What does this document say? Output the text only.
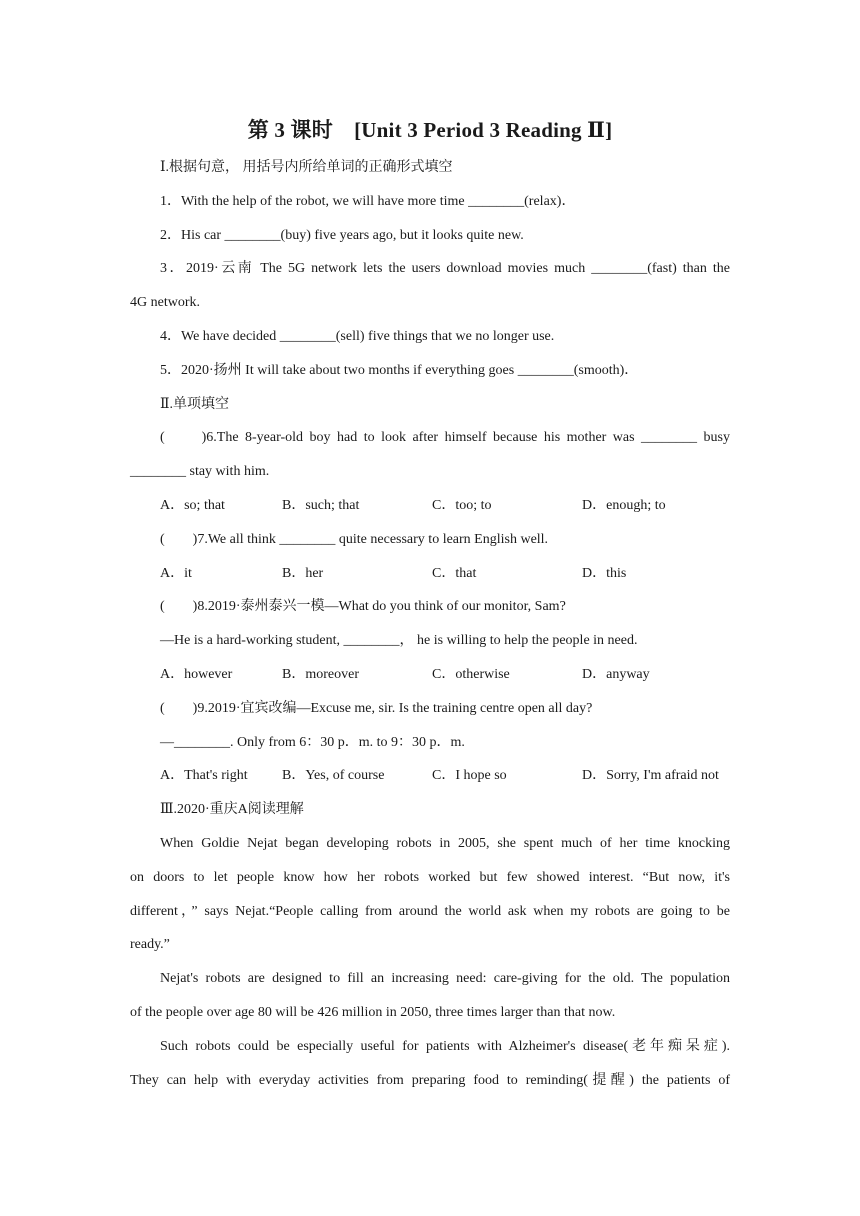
第 3 课时　[Unit 3 Period 3 Reading Ⅱ]
Ⅰ.根据句意， 用括号内所给单词的正确形式填空
1．With the help of the robot, we will have more time ________(relax)．
2．His car ________(buy) five years ago, but it looks quite new.
3．2019·云南 The 5G network lets the users download movies much ________(fast) than the
4G network.
4．We have decided ________(sell) five things that we no longer use.
5．2020·扬州 It will take about two months if everything goes ________(smooth)．
Ⅱ.单项填空
(　　)6.The 8-year-old boy had to look after himself because his mother was ________ busy
________ stay with him.
A．so; that	B．such; that	C．too; to	D．enough; to
(　　)7.We all think ________ quite necessary to learn English well.
A．it	B．her	C．that	D．this
(　　)8.2019·泰州泰兴一模—What do you think of our monitor, Sam?
—He is a hard-working student, ________， he is willing to help the people in need.
A．however	B．moreover	C．otherwise	D．anyway
(　　)9.2019·宜宾改编—Excuse me, sir. Is the training centre open all day?
—________. Only from 6：30 p．m. to 9：30 p．m.
A．That's right	B．Yes, of course	C．I hope so	D．Sorry, I'm afraid not
Ⅲ.2020·重庆A阅读理解
When Goldie Nejat began developing robots in 2005, she spent much of her time knocking
on doors to let people know how her robots worked but few showed interest. “But now, it's
different，” says Nejat.“People calling from around the world ask when my robots are going to be
ready.”
Nejat's robots are designed to fill an increasing need: care-giving for the old. The population
of the people over age 80 will be 426 million in 2050, three times larger than that now.
Such robots could be especially useful for patients with Alzheimer's disease(老年痴呆症).
They can help with everyday activities from preparing food to reminding(提醒) the patients of
